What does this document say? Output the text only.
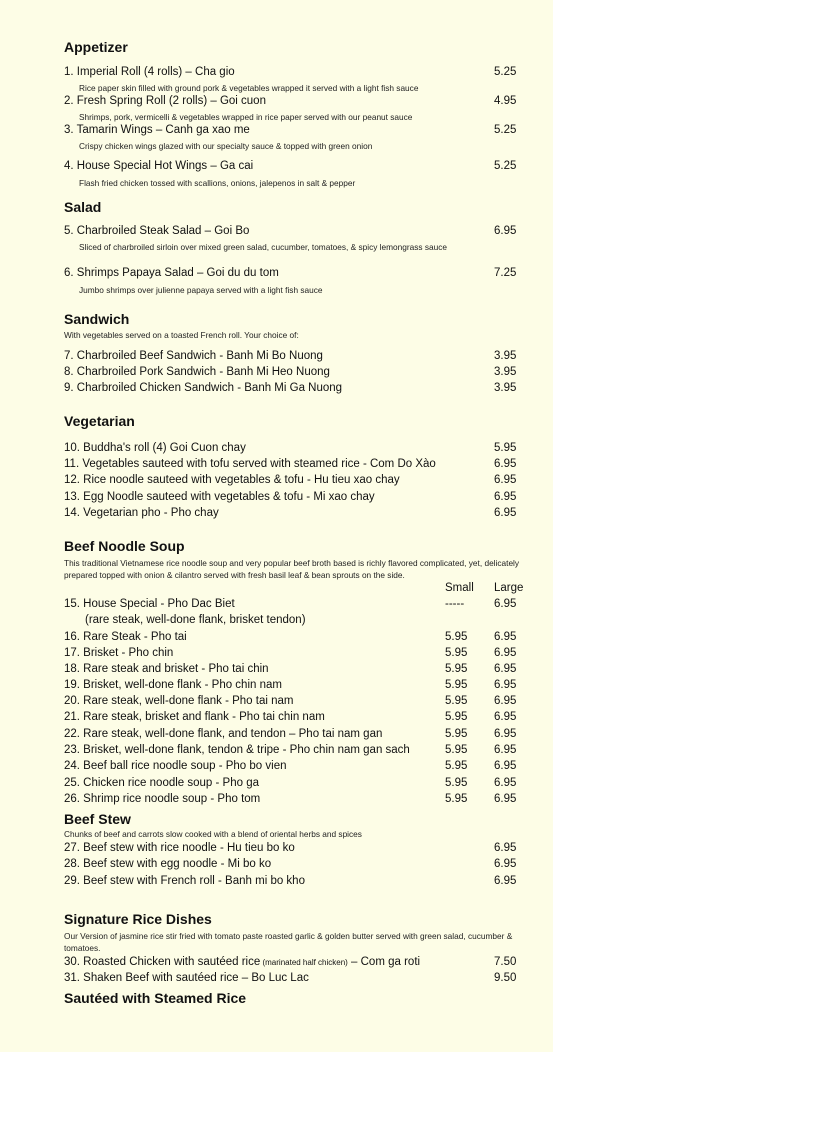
Appetizer
1. Imperial Roll (4 rolls) – Cha gio	5.25
Rice paper skin filled with ground pork & vegetables wrapped it served with a light fish sauce
2. Fresh Spring Roll (2 rolls) – Goi cuon	4.95
Shrimps, pork, vermicelli & vegetables wrapped in rice paper served with our peanut sauce
3. Tamarin Wings – Canh ga xao me	5.25
Crispy chicken wings glazed with our specialty sauce & topped with green onion
4. House Special Hot Wings – Ga cai	5.25
Flash fried chicken tossed with scallions, onions, jalepenos in salt & pepper
Salad
5. Charbroiled Steak Salad – Goi Bo	6.95
Sliced of charbroiled sirloin over mixed green salad, cucumber, tomatoes, & spicy lemongrass sauce
6. Shrimps Papaya Salad – Goi du du tom	7.25
Jumbo shrimps over julienne papaya served with a light fish sauce
Sandwich
With vegetables served on a toasted French roll. Your choice of:
7. Charbroiled Beef Sandwich - Banh Mi Bo Nuong	3.95
8. Charbroiled Pork Sandwich - Banh Mi Heo Nuong	3.95
9. Charbroiled Chicken Sandwich - Banh Mi Ga Nuong	3.95
Vegetarian
10. Buddha's roll (4) Goi Cuon chay	5.95
11. Vegetables sauteed with tofu served with steamed rice - Com Do Xào	6.95
12. Rice noodle sauteed with vegetables & tofu - Hu tieu xao chay	6.95
13. Egg Noodle sauteed with vegetables & tofu - Mi xao chay	6.95
14. Vegetarian pho - Pho chay	6.95
Beef Noodle Soup
This traditional Vietnamese rice noodle soup and very popular beef broth based is richly flavored complicated, yet, delicately prepared topped with onion & cilantro served with fresh basil leaf & bean sprouts on the side.
Small Large
15. House Special - Pho Dac Biet	-----	6.95
(rare steak, well-done flank, brisket tendon)
16. Rare Steak - Pho tai	5.95 6.95
17. Brisket - Pho chin	5.95 6.95
18. Rare steak and brisket - Pho tai chin	5.95 6.95
19. Brisket, well-done flank - Pho chin nam	5.95 6.95
20. Rare steak, well-done flank - Pho tai nam	5.95 6.95
21. Rare steak, brisket and flank - Pho tai chin nam	5.95 6.95
22. Rare steak, well-done flank, and tendon – Pho tai nam gan	5.95 6.95
23. Brisket, well-done flank, tendon & tripe - Pho chin nam gan sach	5.95 6.95
24. Beef ball rice noodle soup - Pho bo vien	5.95 6.95
25. Chicken rice noodle soup - Pho ga	5.95 6.95
26. Shrimp rice noodle soup - Pho tom	5.95 6.95
Beef Stew
Chunks of beef and carrots slow cooked with a blend of oriental herbs and spices
27. Beef stew with rice noodle - Hu tieu bo ko	6.95
28. Beef stew with egg noodle - Mi bo ko	6.95
29. Beef stew with French roll - Banh mi bo kho	6.95
Signature Rice Dishes
Our Version of jasmine rice stir fried with tomato paste roasted garlic & golden butter served with green salad, cucumber & tomatoes.
30. Roasted Chicken with sautéed rice (marinated half chicken) – Com ga roti	7.50
31. Shaken Beef with sautéed rice – Bo Luc Lac	9.50
Sautéed with Steamed Rice
